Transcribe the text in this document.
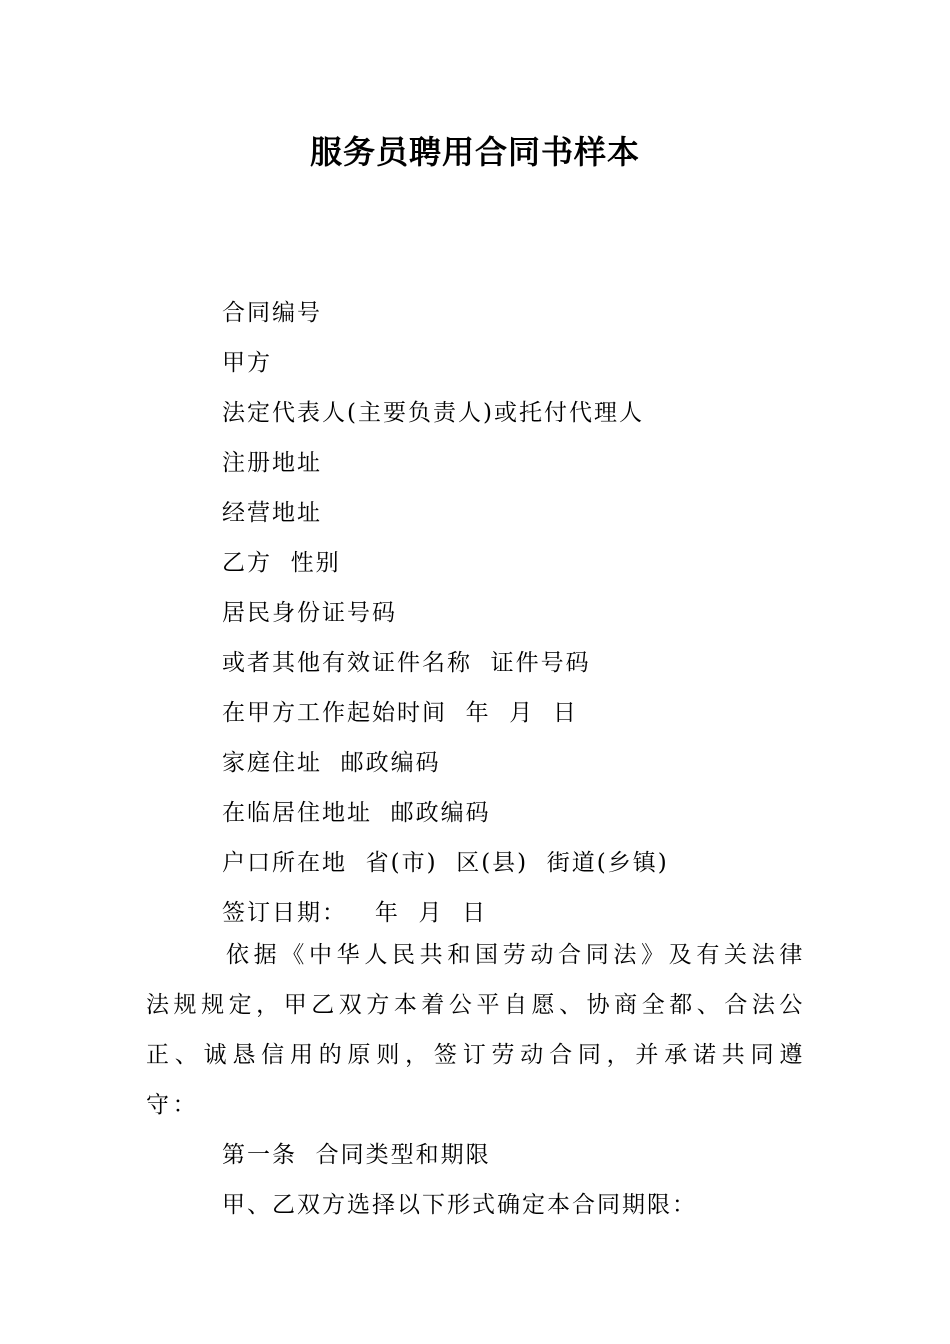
服务员聘用合同书样本
合同编号
甲方
法定代表人(主要负责人)或托付代理人
注册地址
经营地址
乙方  性别
居民身份证号码
或者其他有效证件名称  证件号码
在甲方工作起始时间  年  月  日
家庭住址  邮政编码
在临居住地址  邮政编码
户口所在地  省(市)  区(县)  街道(乡镇)
签订日期：   年  月  日
依据《中华人民共和国劳动合同法》及有关法律法规规定，甲乙双方本着公平自愿、协商全都、合法公正、诚恳信用的原则，签订劳动合同，并承诺共同遵守：
第一条  合同类型和期限
甲、乙双方选择以下形式确定本合同期限：
